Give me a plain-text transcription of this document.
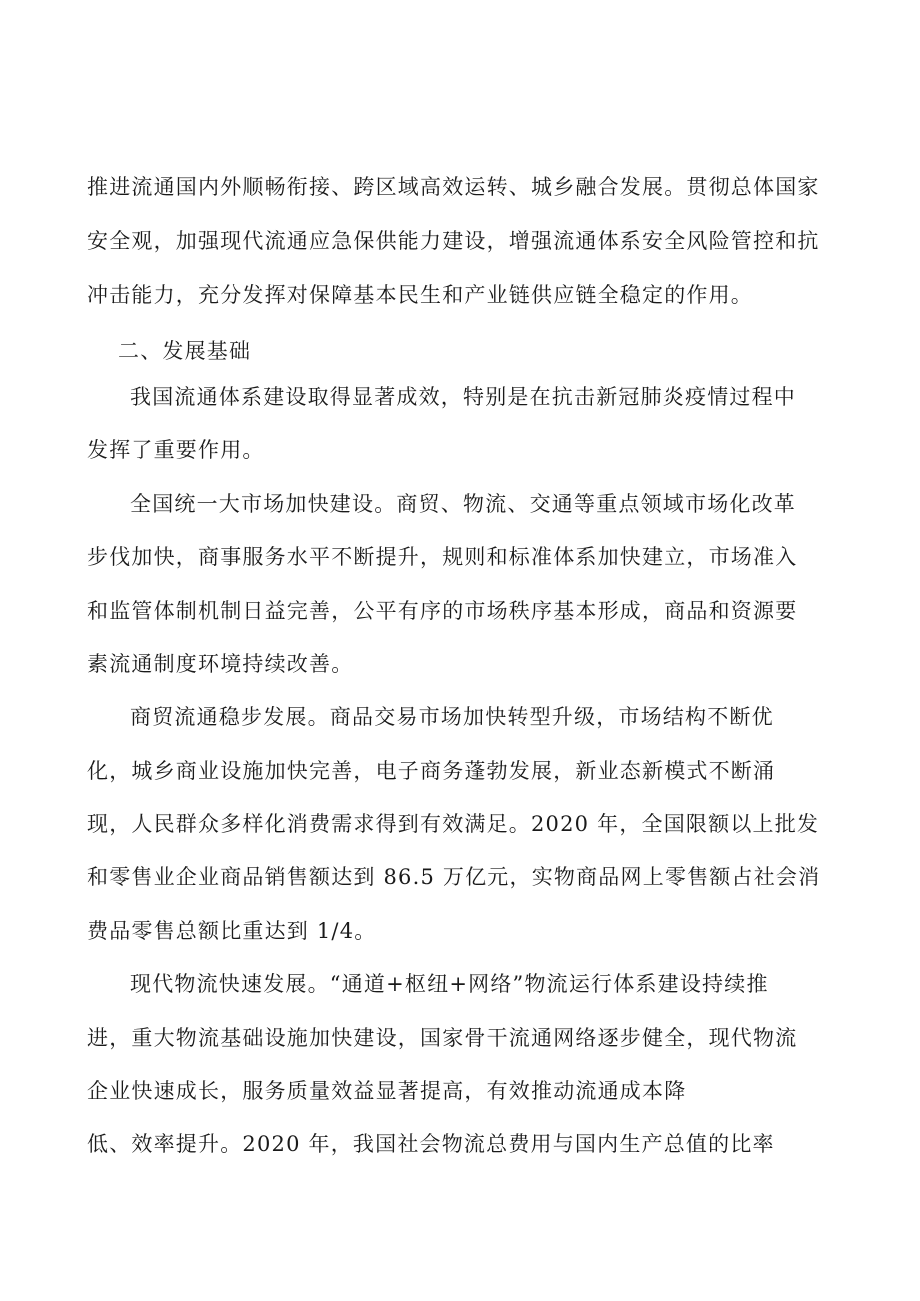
推进流通国内外顺畅衔接、跨区域高效运转、城乡融合发展。贯彻总体国家
安全观，加强现代流通应急保供能力建设，增强流通体系安全风险管控和抗
冲击能力，充分发挥对保障基本民生和产业链供应链全稳定的作用。
二、发展基础
我国流通体系建设取得显著成效，特别是在抗击新冠肺炎疫情过程中
发挥了重要作用。
全国统一大市场加快建设。商贸、物流、交通等重点领域市场化改革
步伐加快，商事服务水平不断提升，规则和标准体系加快建立，市场准入
和监管体制机制日益完善，公平有序的市场秩序基本形成，商品和资源要
素流通制度环境持续改善。
商贸流通稳步发展。商品交易市场加快转型升级，市场结构不断优
化，城乡商业设施加快完善，电子商务蓬勃发展，新业态新模式不断涌
现，人民群众多样化消费需求得到有效满足。2020 年，全国限额以上批发
和零售业企业商品销售额达到 86.5 万亿元，实物商品网上零售额占社会消
费品零售总额比重达到 1/4。
现代物流快速发展。“通道+枢纽+网络”物流运行体系建设持续推
进，重大物流基础设施加快建设，国家骨干流通网络逐步健全，现代物流
企业快速成长，服务质量效益显著提高，有效推动流通成本降
低、效率提升。2020 年，我国社会物流总费用与国内生产总值的比率
